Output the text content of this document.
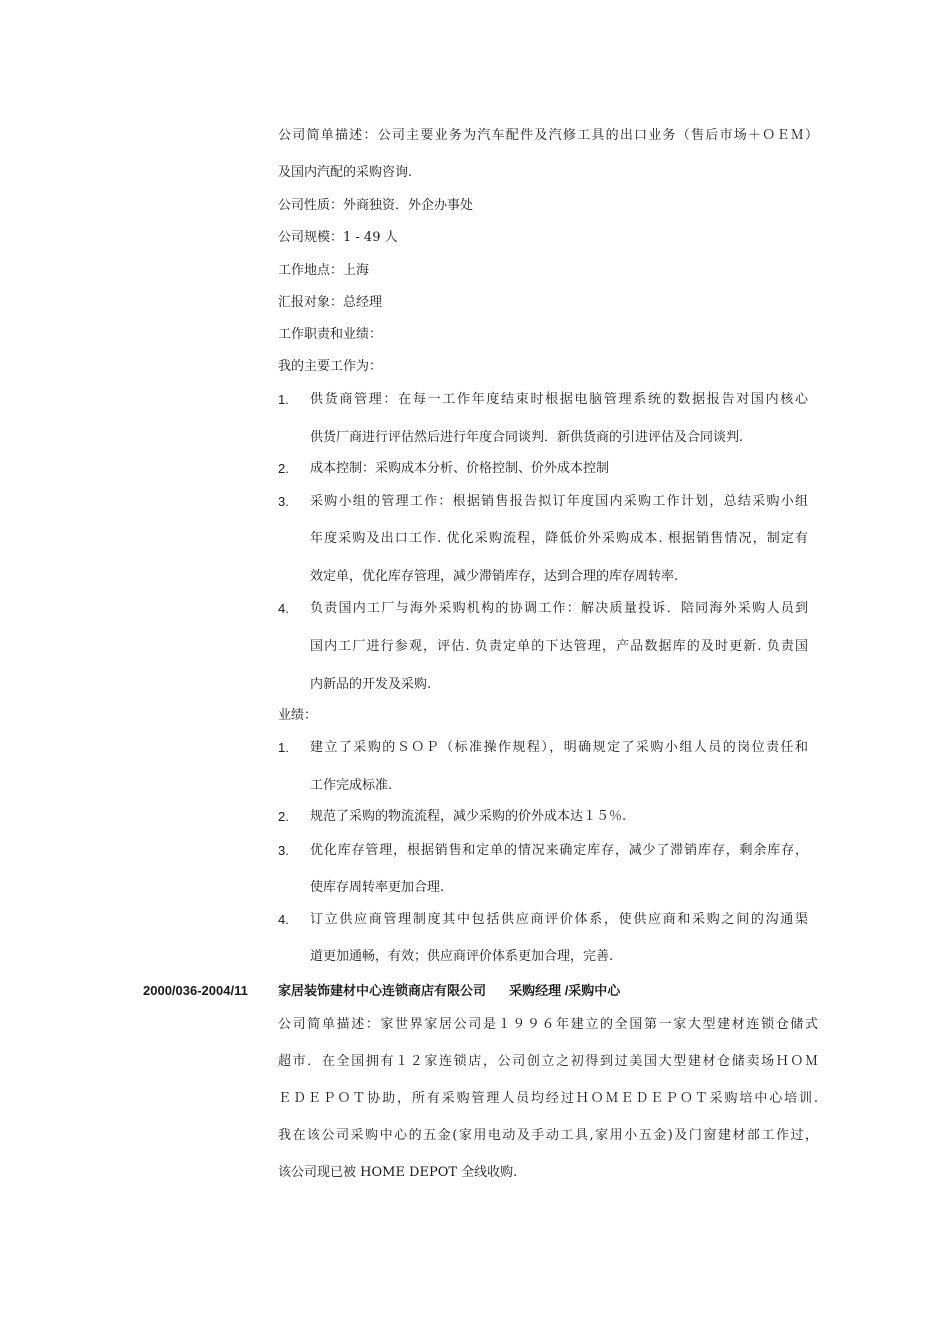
公司简单描述：公司主要业务为汽车配件及汽修工具的出口业务（售后市场＋ＯＥＭ）
及国内汽配的采购咨询.
公司性质：外商独资．外企办事处
公司规模：1 - 49 人
工作地点：上海
汇报对象：总经理
工作职责和业绩：
我的主要工作为：
1.	供货商管理：在每一工作年度结束时根据电脑管理系统的数据报告对国内核心
供货厂商进行评估然后进行年度合同谈判．新供货商的引进评估及合同谈判.
2.	成本控制：采购成本分析、价格控制、价外成本控制
3.	采购小组的管理工作：根据销售报告拟订年度国内采购工作计划，总结采购小组
年度采购及出口工作. 优化采购流程，降低价外采购成本. 根据销售情况，制定有
效定单，优化库存管理，减少滞销库存，达到合理的库存周转率.
4.	负责国内工厂与海外采购机构的协调工作：解决质量投诉．陪同海外采购人员到
国内工厂进行参观，评估. 负责定单的下达管理，产品数据库的及时更新. 负责国
内新品的开发及采购.
业绩：
1.	建立了采购的ＳＯＰ（标准操作规程），明确规定了采购小组人员的岗位责任和
工作完成标准.
2.	规范了采购的物流流程，减少采购的价外成本达１５％.
3.	优化库存管理，根据销售和定单的情况来确定库存，减少了滞销库存，剩余库存，
使库存周转率更加合理.
4.	订立供应商管理制度其中包括供应商评价体系，使供应商和采购之间的沟通渠
道更加通畅，有效；供应商评价体系更加合理，完善.
2000/036-2004/11	家居装饰建材中心连锁商店有限公司 采购经理 /采购中心
公司简单描述：家世界家居公司是１９９６年建立的全国第一家大型建材连锁仓储式
超市．在全国拥有１２家连锁店，公司创立之初得到过美国大型建材仓储卖场ＨＯＭ
ＥＤＥＰＯＴ协助，所有采购管理人员均经过ＨＯＭＥＤＥＰＯＴ采购培中心培训.
我在该公司采购中心的五金(家用电动及手动工具,家用小五金)及门窗建材部工作过，
该公司现已被 HOME DEPOT 全线收购.
